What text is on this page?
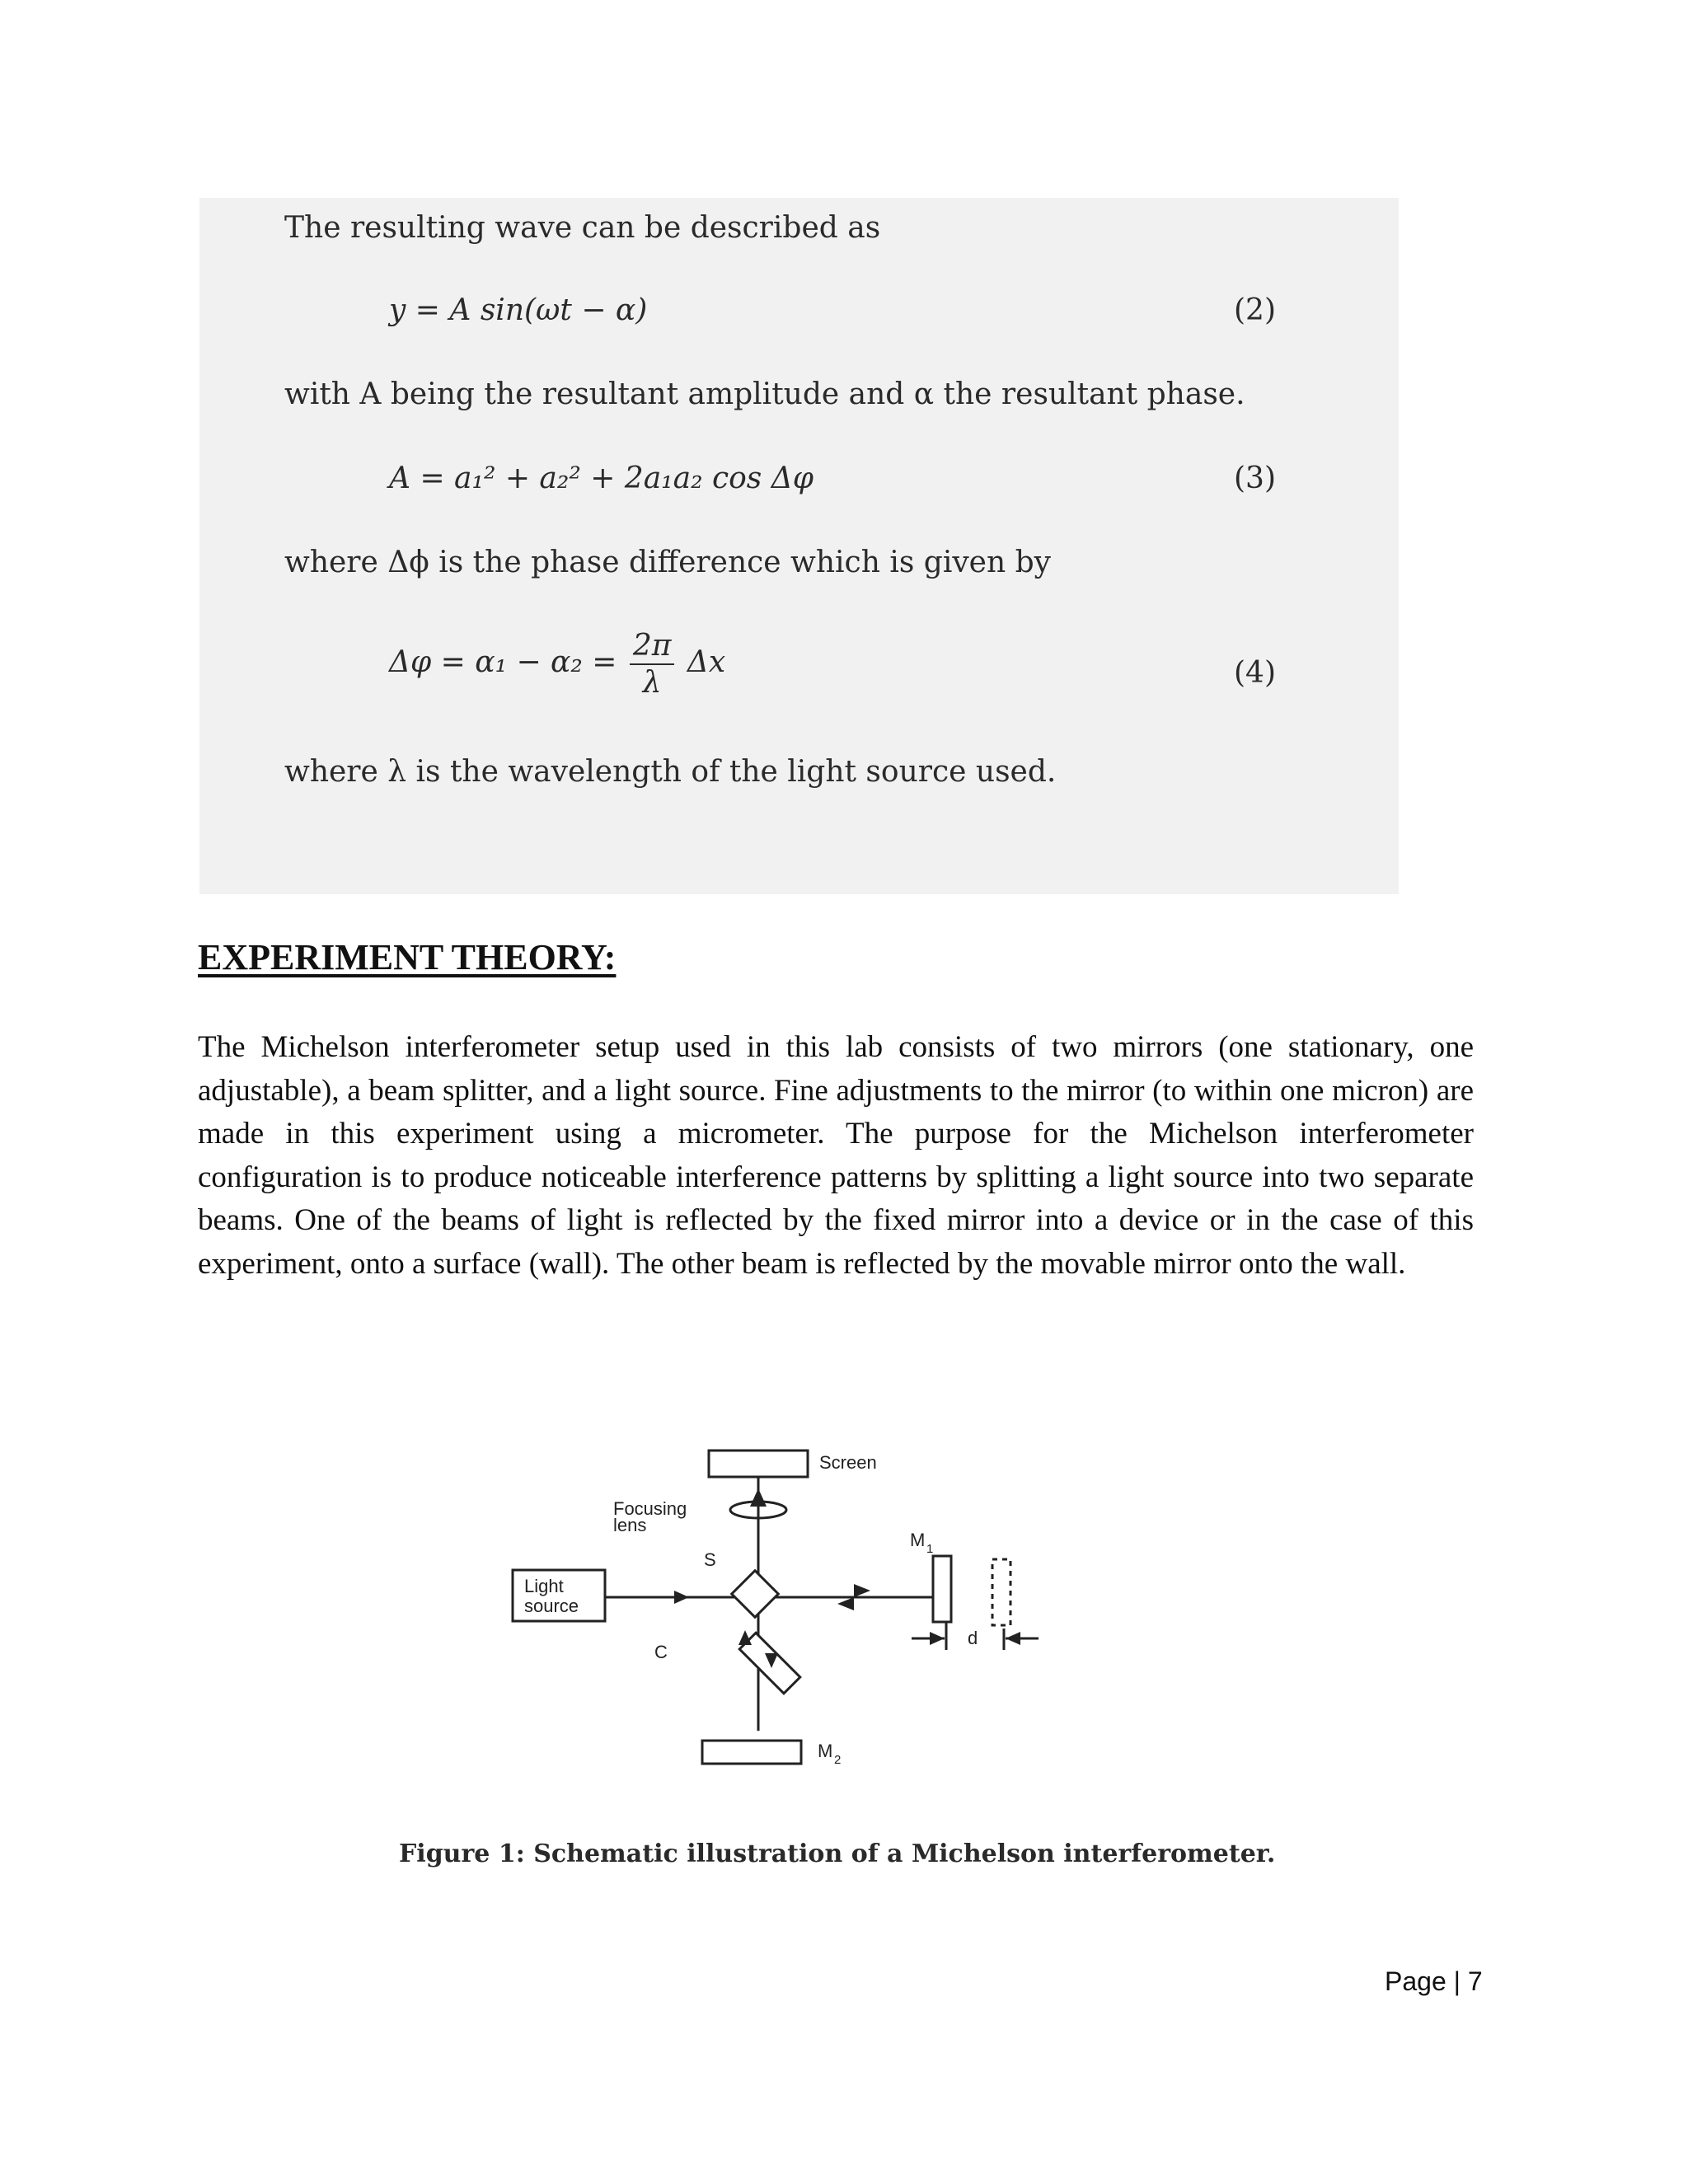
The resulting wave can be described as
y = A sin(ωt − α)	(2)
with A being the resultant amplitude and α the resultant phase.
A = a₁² + a₂² + 2a₁a₂ cos Δφ	(3)
where Δϕ is the phase difference which is given by
$\Delta\varphi = \alpha_1 - \alpha_2 = \frac{2\pi}{\lambda}$ Δx	(4)
where λ is the wavelength of the light source used.
EXPERIMENT THEORY:
The Michelson interferometer setup used in this lab consists of two mirrors (one stationary, one adjustable), a beam splitter, and a light source. Fine adjustments to the mirror (to within one micron) are made in this experiment using a micrometer. The purpose for the Michelson interferometer configuration is to produce noticeable interference patterns by splitting a light source into two separate beams. One of the beams of light is reflected by the fixed mirror into a device or in the case of this experiment, onto a surface (wall). The other beam is reflected by the movable mirror onto the wall.
Screen
Focusing
lens
M 1
S
Light
source
C
d
M 2
Figure 1: Schematic illustration of a Michelson interferometer.
Page | 7
